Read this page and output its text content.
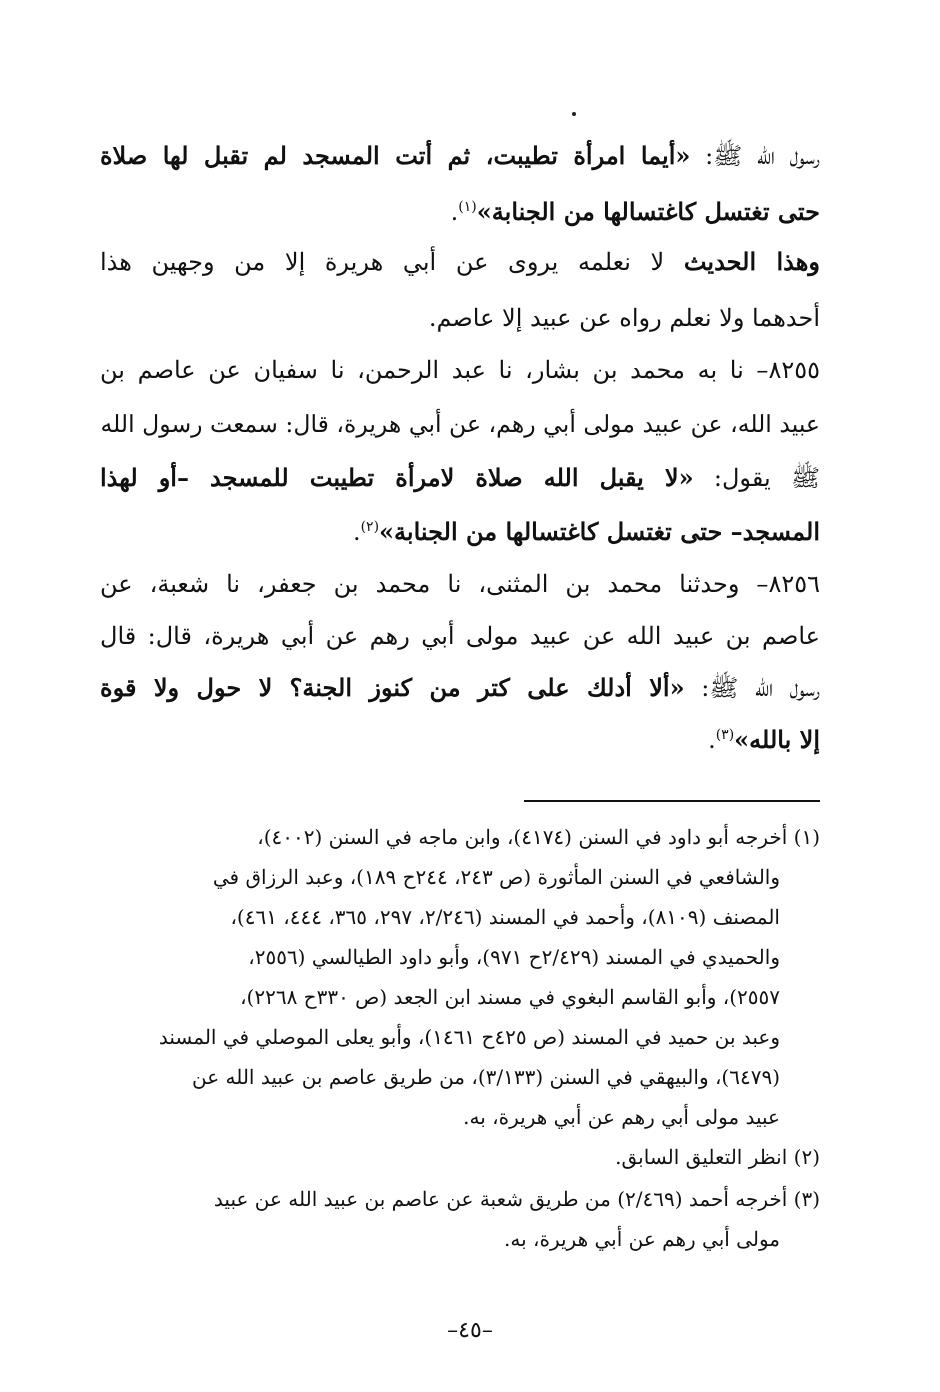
رسول الله ﷺ: «أيما امرأة تطيبت، ثم أتت المسجد لم تقبل لها صلاة
حتى تغتسل كاغتسالها من الجنابة»$^{(١)}$.
وهذا الحديث لا نعلمه يروى عن أبي هريرة إلا من وجهين هذا
أحدهما ولا نعلم رواه عن عبيد إلا عاصم.
٨٢٥٥– نا به محمد بن بشار، نا عبد الرحمن، نا سفيان عن عاصم بن
عبيد الله، عن عبيد مولى أبي رهم، عن أبي هريرة، قال: سمعت رسول الله
ﷺ يقول: «لا يقبل الله صلاة لامرأة تطيبت للمسجد –أو لهذا
المسجد– حتى تغتسل كاغتسالها من الجنابة»$^{(٢)}$.
٨٢٥٦– وحدثنا محمد بن المثنى، نا محمد بن جعفر، نا شعبة، عن
عاصم بن عبيد الله عن عبيد مولى أبي رهم عن أبي هريرة، قال: قال
رسول الله ﷺ: «ألا أدلك على كتر من كنوز الجنة؟ لا حول ولا قوة
إلا بالله»$^{(٣)}$.
(١) أخرجه أبو داود في السنن (٤١٧٤)، وابن ماجه في السنن (٤٠٠٢)،
والشافعي في السنن المأثورة (ص ٢٤٣، ٢٤٤ح ١٨٩)، وعبد الرزاق في
المصنف (٨١٠٩)، وأحمد في المسند (٢/٢٤٦، ٢٩٧، ٣٦٥، ٤٤٤، ٤٦١)،
والحميدي في المسند (٢/٤٢٩ح ٩٧١)، وأبو داود الطيالسي (٢٥٥٦،
٢٥٥٧)، وأبو القاسم البغوي في مسند ابن الجعد (ص ٣٣٠ح ٢٢٦٨)،
وعبد بن حميد في المسند (ص ٤٢٥ح ١٤٦١)، وأبو يعلى الموصلي في المسند
(٦٤٧٩)، والبيهقي في السنن (٣/١٣٣)، من طريق عاصم بن عبيد الله عن
عبيد مولى أبي رهم عن أبي هريرة، به.
(٢) انظر التعليق السابق.
(٣) أخرجه أحمد (٢/٤٦٩) من طريق شعبة عن عاصم بن عبيد الله عن عبيد
مولى أبي رهم عن أبي هريرة، به.
–٤٥–
